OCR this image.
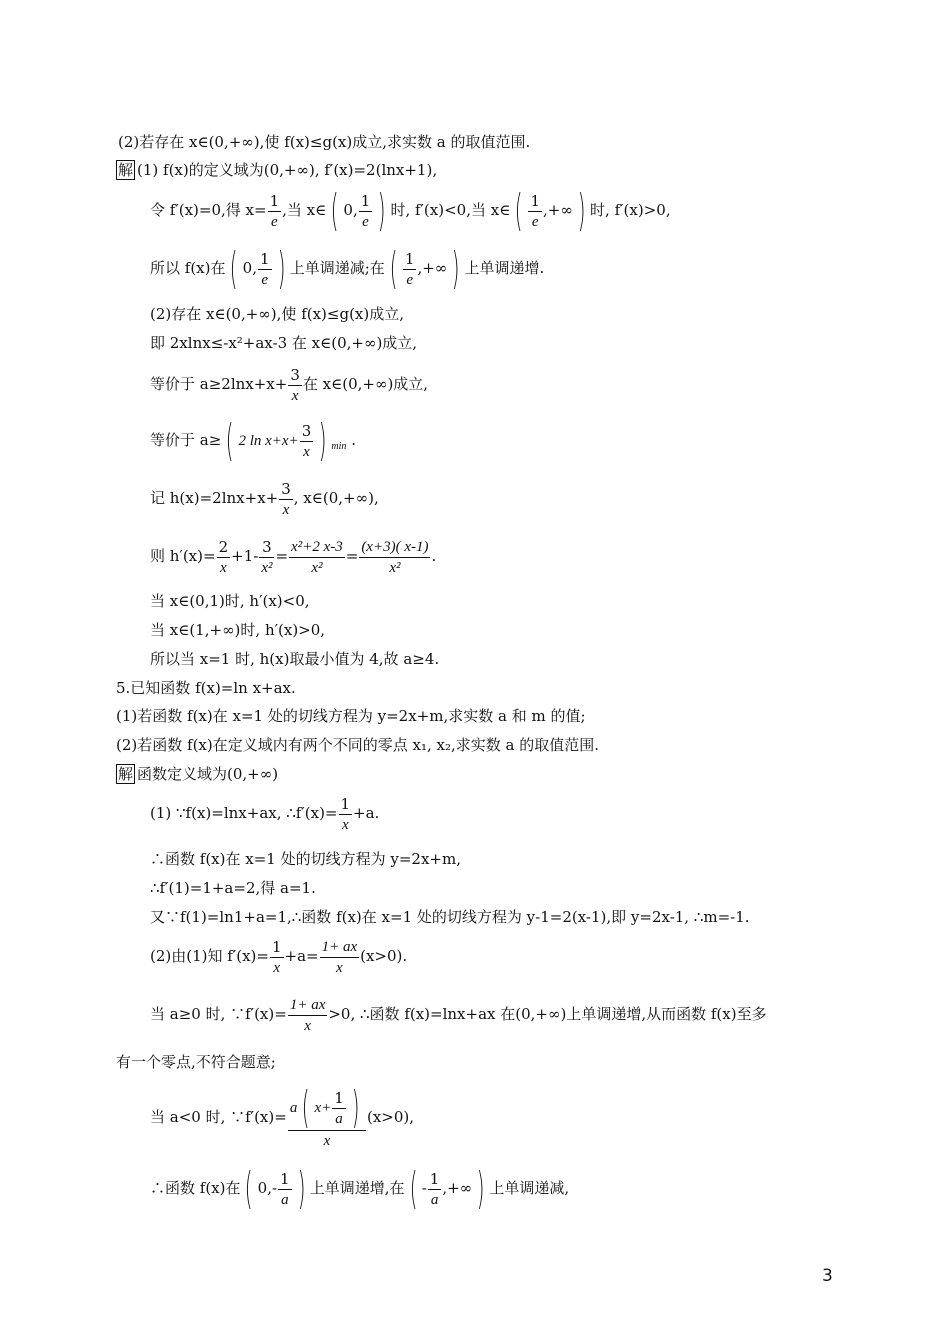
(2)若存在 x∈(0,+∞),使 f(x)≤g(x)成立,求实数 a 的取值范围.
解 (1) f(x)的定义域为(0,+∞), f′(x)=2(lnx+1),
令 f′(x)=0,得 $x= \frac{1}{e}$ ,当 x∈ ( 0, $\frac{1}{e}$ ) 时, f′(x)<0,当 x∈ ( $\frac{1}{e}$ ,+∞ ) 时, f′(x)>0,
所以 f(x)在 ( 0, $\frac{1}{e}$ ) 上单调递减;在 ( $\frac{1}{e}$ ,+∞ ) 上单调递增.
(2)存在 x∈(0,+∞),使 f(x)≤g(x)成立,
即 2xlnx≤-x²+ax-3 在 x∈(0,+∞)成立,
等价于 $a\ge 2\ln x+x+ \frac{3}{x}$ 在 x∈(0,+∞)成立,
等价于 a≥ ( 2 $\ln x+x+ \frac{3}{x}$ ) $_{min}$ .
记 $h(x)=2\ln x+x+ \frac{3}{x}$ , x∈(0,+∞),
则 $h'(x)= \frac{2}{x} +1- \frac{3}{\text{x²}} = \frac{\text{x²+2 x-3}}{\text{x²}} = \frac{(x+3)( x-1)}{\text{x²}}$ .
当 x∈(0,1)时, h′(x)<0,
当 x∈(1,+∞)时, h′(x)>0,
所以当 x=1 时, h(x)取最小值为 4,故 a≥4.
5.已知函数 f(x)=ln x+ax.
(1)若函数 f(x)在 x=1 处的切线方程为 y=2x+m,求实数 a 和 m 的值;
(2)若函数 f(x)在定义域内有两个不同的零点 x₁, x₂,求实数 a 的取值范围.
解 函数定义域为(0,+∞)
(1) ∵f(x)=lnx+ax, ∴f′(x)= $\frac{1}{x} +a$.
∴函数 f(x)在 x=1 处的切线方程为 y=2x+m,
∴f′(1)=1+a=2,得 a=1.
又∵f(1)=ln1+a=1,∴函数 f(x)在 x=1 处的切线方程为 y-1=2(x-1),即 y=2x-1, ∴m=-1.
(2)由(1)知 $f'(x)= \frac{1}{x} +a= \frac{1+ ax}{x} (x>0)$.
当 a≥0 时, ∵f′(x)= $\frac{1+ ax}{x} >0$, ∴函数 f(x)=lnx+ax 在(0,+∞)上单调递增,从而函数 f(x)至多
有一个零点,不符合题意;
当 a<0 时, ∵f′(x)= $\frac{a ( x+ \frac{1}{a} )}{x} (x>0)$,
∴函数 f(x)在 ( $0,- \frac{1}{a}$ ) 上单调递增,在 ( - $\frac{1}{a}$ ,+∞ ) 上单调递减,
3
